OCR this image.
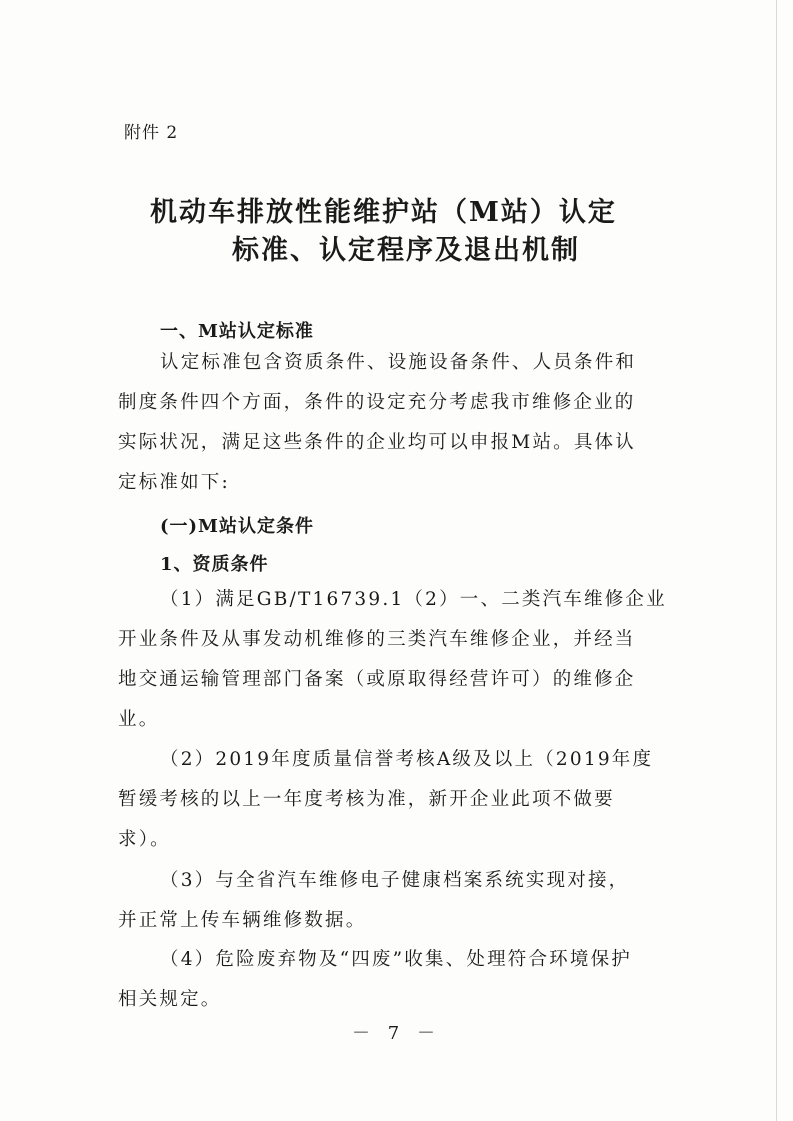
附件 2
机动车排放性能维护站（M站）认定
标准、认定程序及退出机制
一、M站认定标准
认定标准包含资质条件、设施设备条件、人员条件和
制度条件四个方面，条件的设定充分考虑我市维修企业的
实际状况，满足这些条件的企业均可以申报M站。具体认
定标准如下:
(一)M站认定条件
1、资质条件
（1）满足GB/T16739.1（2）一、二类汽车维修企业
开业条件及从事发动机维修的三类汽车维修企业，并经当
地交通运输管理部门备案（或原取得经营许可）的维修企
业。
（2）2019年度质量信誉考核A级及以上（2019年度
暂缓考核的以上一年度考核为准，新开企业此项不做要
求）。
（3）与全省汽车维修电子健康档案系统实现对接，
并正常上传车辆维修数据。
（4）危险废弃物及“四废”收集、处理符合环境保护
相关规定。
－ 7 －
